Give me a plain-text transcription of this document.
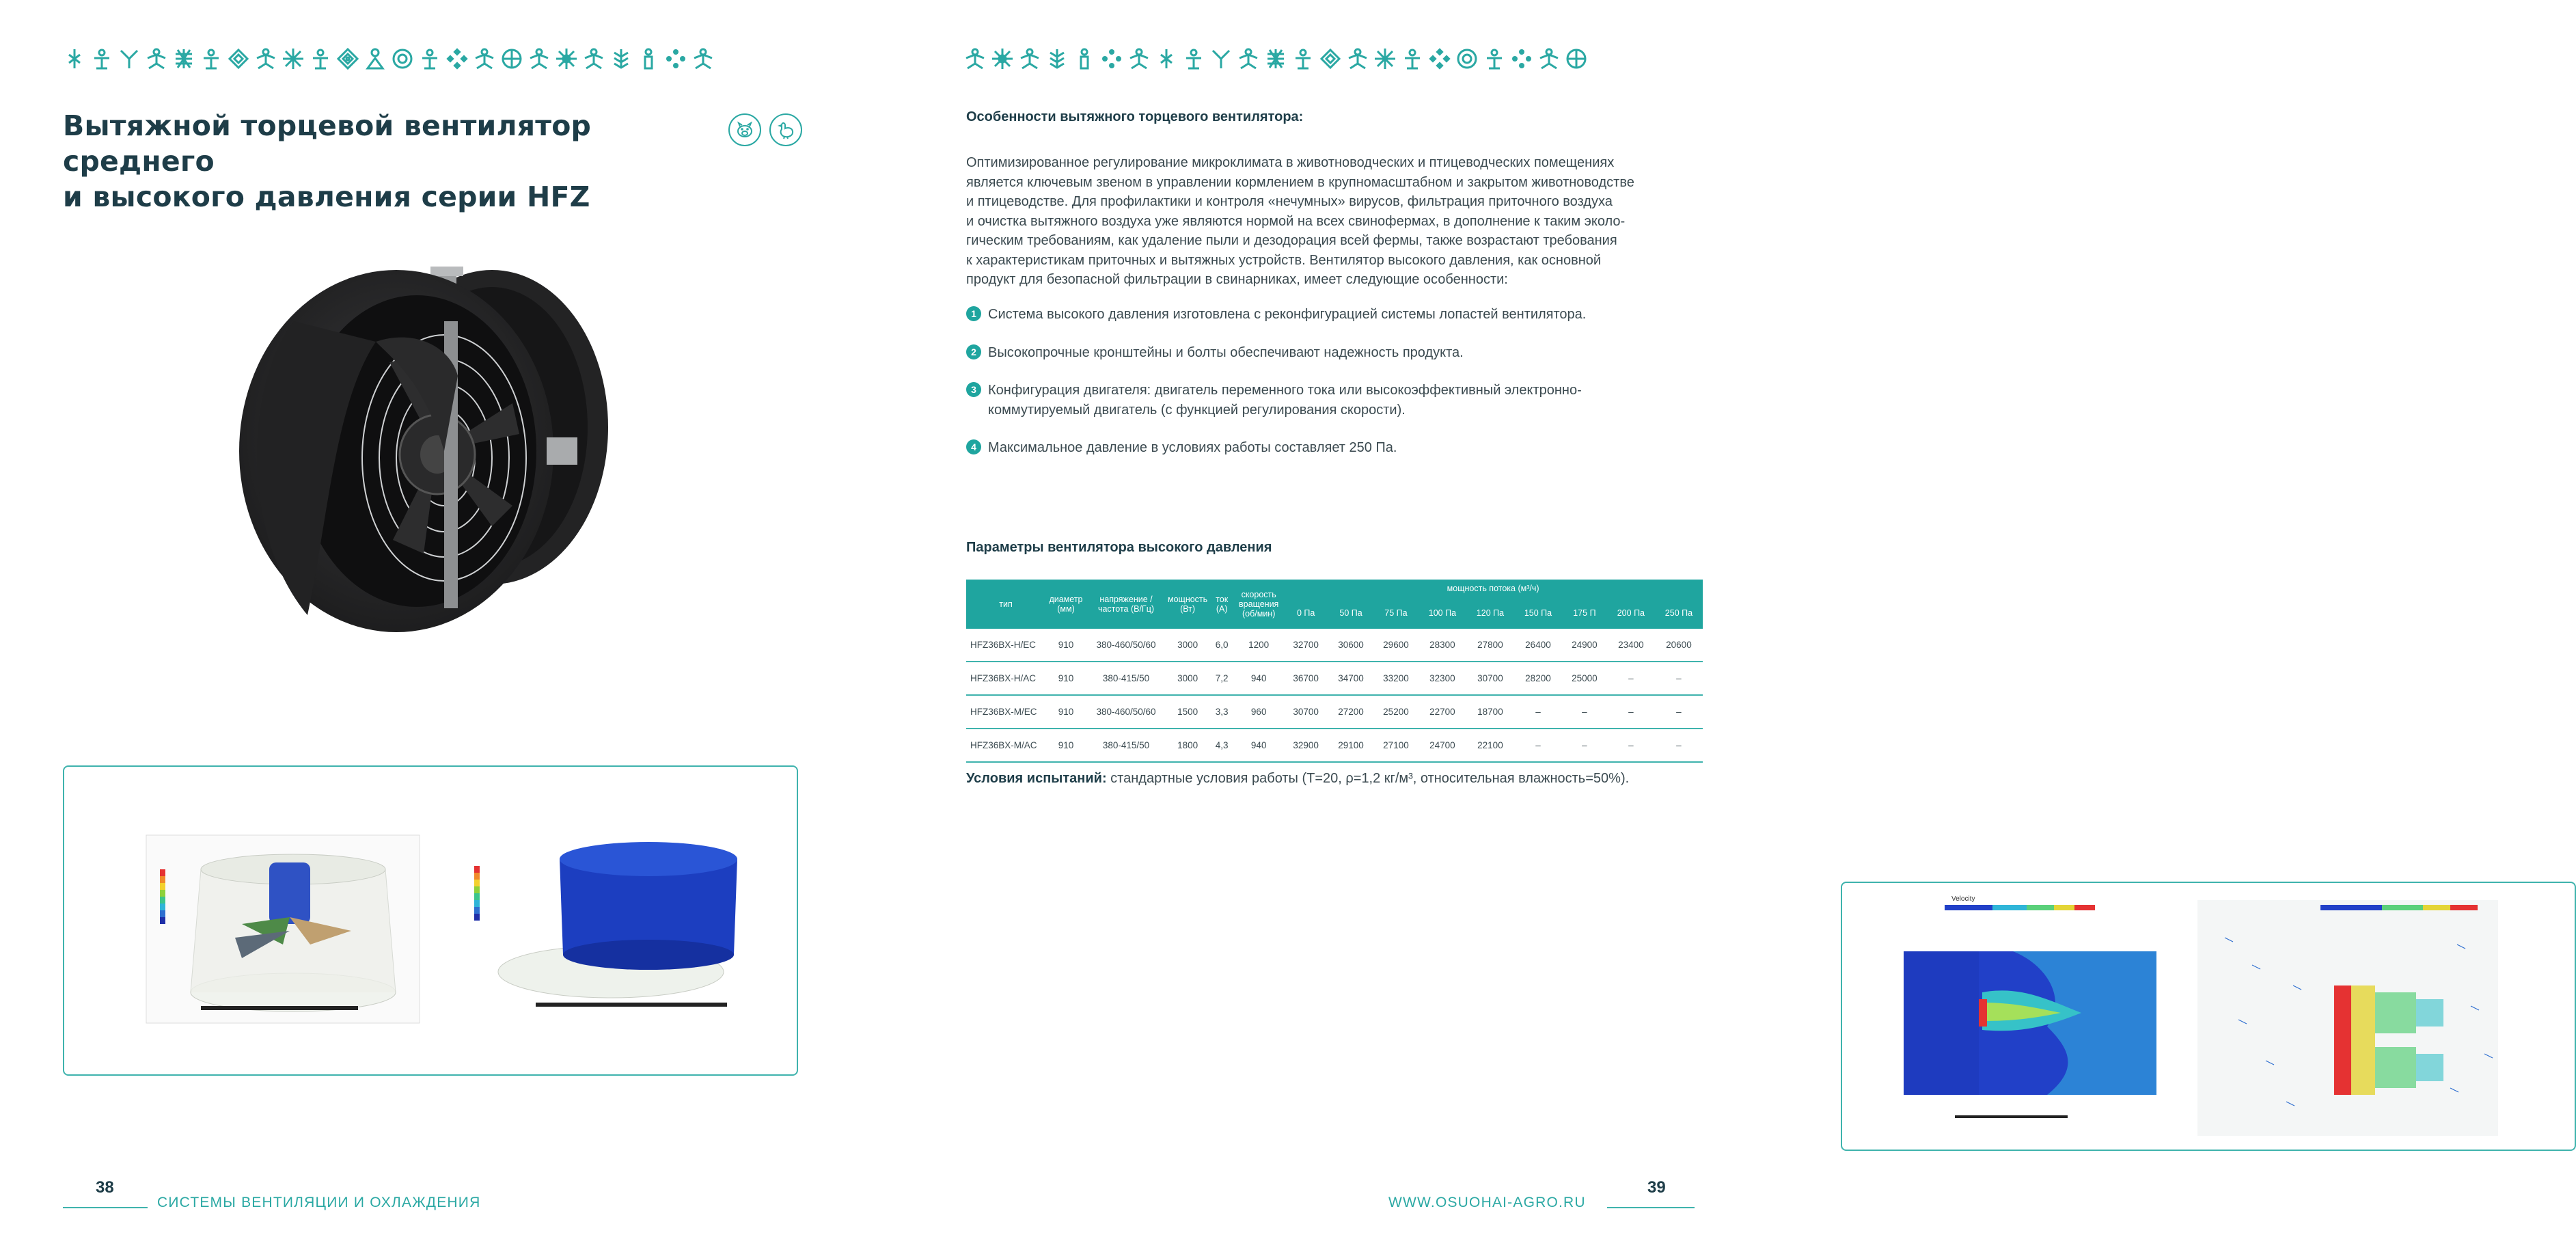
Вытяжной торцевой вентилятор среднего
и высокого давления серии HFZ
38
СИСТЕМЫ ВЕНТИЛЯЦИИ И ОХЛАЖДЕНИЯ
Особенности вытяжного торцевого вентилятора:
Оптимизированное регулирование микроклимата в животноводческих и птицеводческих помещениях
является ключевым звеном в управлении кормлением в крупномасштабном и закрытом животноводстве
и птицеводстве. Для профилактики и контроля «нечумных» вирусов, фильтрация приточного воздуха
и очистка вытяжного воздуха уже являются нормой на всех свинофермах, в дополнение к таким эколо-
гическим требованиям, как удаление пыли и дезодорация всей фермы, также возрастают требования
к характеристикам приточных и вытяжных устройств. Вентилятор высокого давления, как основной
продукт для безопасной фильтрации в свинарниках, имеет следующие особенности:
1 Система высокого давления изготовлена с реконфигурацией системы лопастей вентилятора.
2 Высокопрочные кронштейны и болты обеспечивают надежность продукта.
3 Конфигурация двигателя: двигатель переменного тока или высокоэффективный электронно-
коммутируемый двигатель (с функцией регулирования скорости).
4 Максимальное давление в условиях работы составляет 250 Па.
Параметры вентилятора высокого давления
тип	диаметр (мм)	напряжение / частота (В/Гц)	мощность (Вт)	ток (А)	скорость вращения (об/мин)	мощность потока (м³/ч)								
						0 Па	50 Па	75 Па	100 Па	120 Па	150 Па	175 П	200 Па	250 Па
HFZ36BX-H/EC	910	380-460/50/60	3000	6,0	1200	32700	30600	29600	28300	27800	26400	24900	23400	20600
HFZ36BX-H/AC	910	380-415/50	3000	7,2	940	36700	34700	33200	32300	30700	28200	25000	–	–
HFZ36BX-M/EC	910	380-460/50/60	1500	3,3	960	30700	27200	25200	22700	18700	–	–	–	–
HFZ36BX-M/AC	910	380-415/50	1800	4,3	940	32900	29100	27100	24700	22100	–	–	–	–
Условия испытаний: стандартные условия работы (Т=20, ρ=1,2 кг/м³, относительная влажность=50%).
Velocity
WWW.OSUOHAI-AGRO.RU
39
